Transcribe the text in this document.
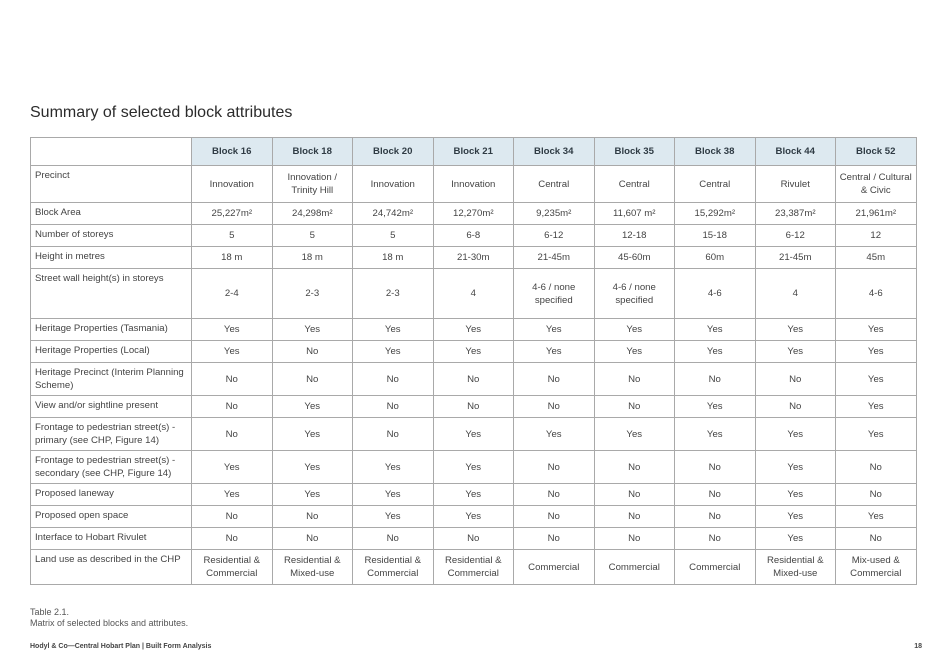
Summary of selected block attributes
	Block 16	Block 18	Block 20	Block 21	Block 34	Block 35	Block 38	Block 44	Block 52
Precinct	Innovation	Innovation / Trinity Hill	Innovation	Innovation	Central	Central	Central	Rivulet	Central / Cultural & Civic
Block Area	25,227m²	24,298m²	24,742m²	12,270m²	9,235m²	11,607 m²	15,292m²	23,387m²	21,961m²
Number of storeys	5	5	5	6-8	6-12	12-18	15-18	6-12	12
Height in metres	18 m	18 m	18 m	21-30m	21-45m	45-60m	60m	21-45m	45m
Street wall height(s) in storeys	2-4	2-3	2-3	4	4-6 / none specified	4-6 / none specified	4-6	4	4-6
Heritage Properties (Tasmania)	Yes	Yes	Yes	Yes	Yes	Yes	Yes	Yes	Yes
Heritage Properties (Local)	Yes	No	Yes	Yes	Yes	Yes	Yes	Yes	Yes
Heritage Precinct (Interim Planning Scheme)	No	No	No	No	No	No	No	No	Yes
View and/or sightline present	No	Yes	No	No	No	No	Yes	No	Yes
Frontage to pedestrian street(s) - primary (see CHP, Figure 14)	No	Yes	No	Yes	Yes	Yes	Yes	Yes	Yes
Frontage to pedestrian street(s) - secondary (see CHP, Figure 14)	Yes	Yes	Yes	Yes	No	No	No	Yes	No
Proposed laneway	Yes	Yes	Yes	Yes	No	No	No	Yes	No
Proposed open space	No	No	Yes	Yes	No	No	No	Yes	Yes
Interface to Hobart Rivulet	No	No	No	No	No	No	No	Yes	No
Land use as described in the CHP	Residential & Commercial	Residential & Mixed-use	Residential & Commercial	Residential & Commercial	Commercial	Commercial	Commercial	Residential & Mixed-use	Mix-used & Commercial
Table 2.1.
Matrix of selected blocks and attributes.
Hodyl & Co—Central Hobart Plan | Built Form Analysis	18
